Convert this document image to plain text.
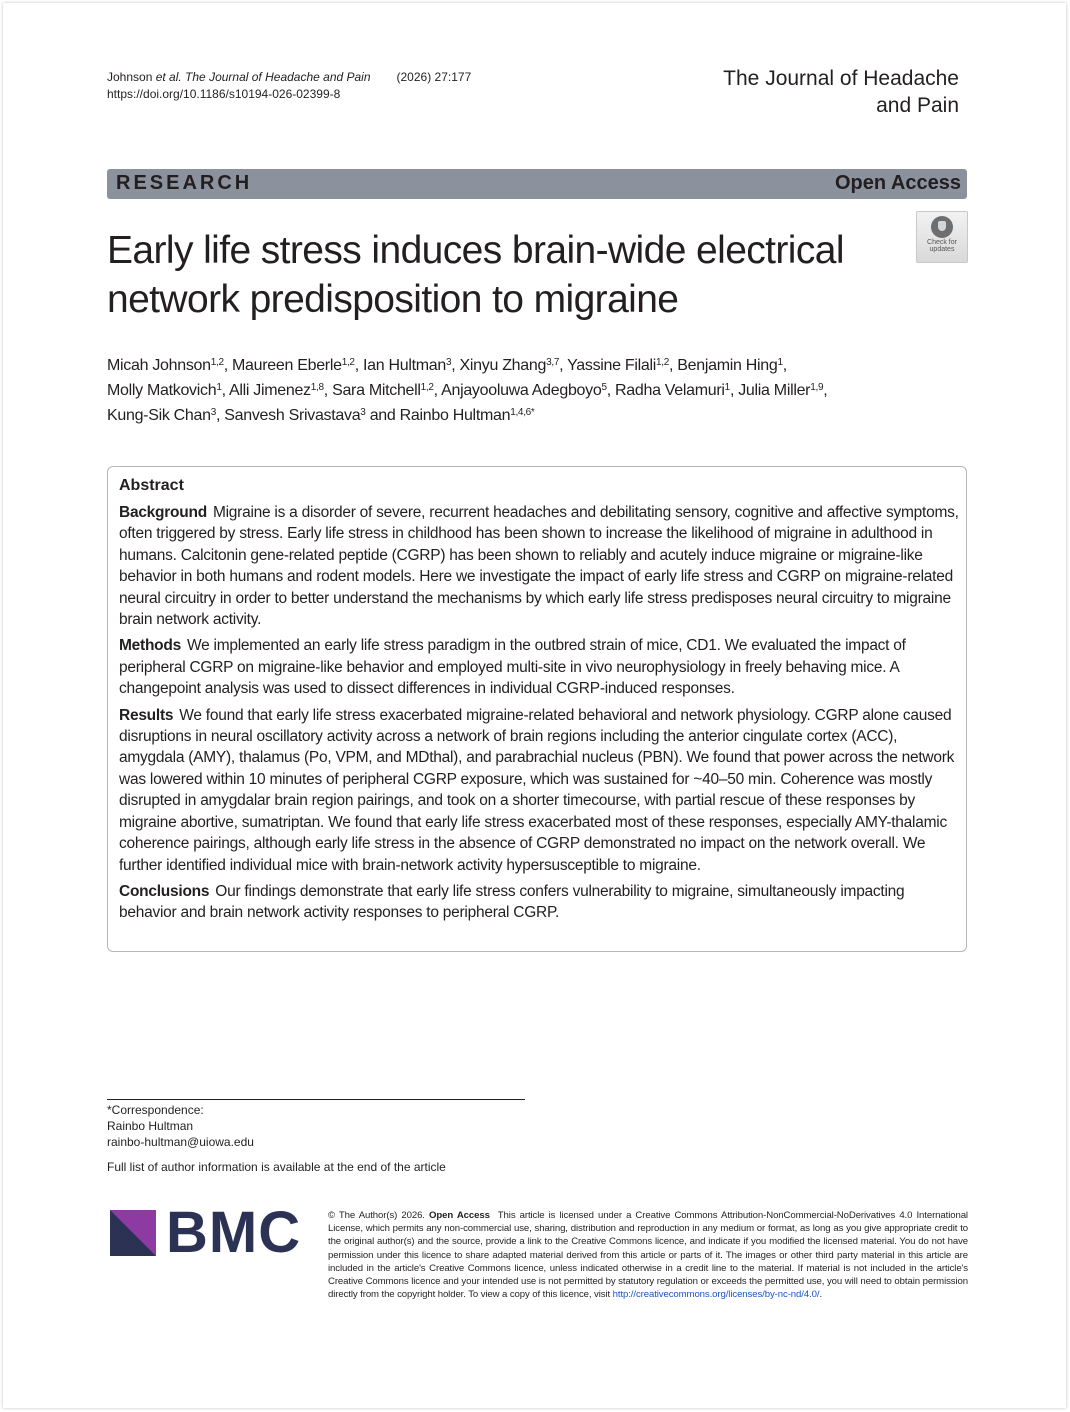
Johnson et al. The Journal of Headache and Pain (2026) 27:177
https://doi.org/10.1186/s10194-026-02399-8
The Journal of Headache
and Pain
RESEARCH	Open Access
Early life stress induces brain-wide electrical network predisposition to migraine
Check for
updates
Micah Johnson$^{1,2}$, Maureen Eberle$^{1,2}$, Ian Hultman$^3$, Xinyu Zhang$^{3,7}$, Yassine Filali$^{1,2}$, Benjamin Hing$^1$,
Molly Matkovich$^1$, Alli Jimenez$^{1,8}$, Sara Mitchell$^{1,2}$, Anjayooluwa Adegboyo$^5$, Radha Velamuri$^1$, Julia Miller$^{1,9}$,
Kung-Sik Chan$^3$, Sanvesh Srivastava$^3$ and Rainbo Hultman$^{1,4,6*}$
Abstract

Background Migraine is a disorder of severe, recurrent headaches and debilitating sensory, cognitive and affective symptoms, often triggered by stress. Early life stress in childhood has been shown to increase the likelihood of migraine in adulthood in humans. Calcitonin gene-related peptide (CGRP) has been shown to reliably and acutely induce migraine or migraine-like behavior in both humans and rodent models. Here we investigate the impact of early life stress and CGRP on migraine-related neural circuitry in order to better understand the mechanisms by which early life stress predisposes neural circuitry to migraine brain network activity.

Methods We implemented an early life stress paradigm in the outbred strain of mice, CD1. We evaluated the impact of peripheral CGRP on migraine-like behavior and employed multi-site in vivo neurophysiology in freely behaving mice. A changepoint analysis was used to dissect differences in individual CGRP-induced responses.

Results We found that early life stress exacerbated migraine-related behavioral and network physiology. CGRP alone caused disruptions in neural oscillatory activity across a network of brain regions including the anterior cingulate cortex (ACC), amygdala (AMY), thalamus (Po, VPM, and MDthal), and parabrachial nucleus (PBN). We found that power across the network was lowered within 10 minutes of peripheral CGRP exposure, which was sustained for ~40–50 min. Coherence was mostly disrupted in amygdalar brain region pairings, and took on a shorter timecourse, with partial rescue of these responses by migraine abortive, sumatriptan. We found that early life stress exacerbated most of these responses, especially AMY-thalamic coherence pairings, although early life stress in the absence of CGRP demonstrated no impact on the network overall. We further identified individual mice with brain-network activity hypersusceptible to migraine.

Conclusions Our findings demonstrate that early life stress confers vulnerability to migraine, simultaneously impacting behavior and brain network activity responses to peripheral CGRP.

*Correspondence:
Rainbo Hultman
rainbo-hultman@uiowa.edu
Full list of author information is available at the end of the article
BMC	© The Author(s) 2026. Open Access This article is licensed under a Creative Commons Attribution-NonCommercial-NoDerivatives 4.0 International License, which permits any non-commercial use, sharing, distribution and reproduction in any medium or format, as long as you give appropriate credit to the original author(s) and the source, provide a link to the Creative Commons licence, and indicate if you modified the licensed material. You do not have permission under this licence to share adapted material derived from this article or parts of it. The images or other third party material in this article are included in the article's Creative Commons licence, unless indicated otherwise in a credit line to the material. If material is not included in the article's Creative Commons licence and your intended use is not permitted by statutory regulation or exceeds the permitted use, you will need to obtain permission directly from the copyright holder. To view a copy of this licence, visit http://creativecommons.org/licenses/by-nc-nd/4.0/.
